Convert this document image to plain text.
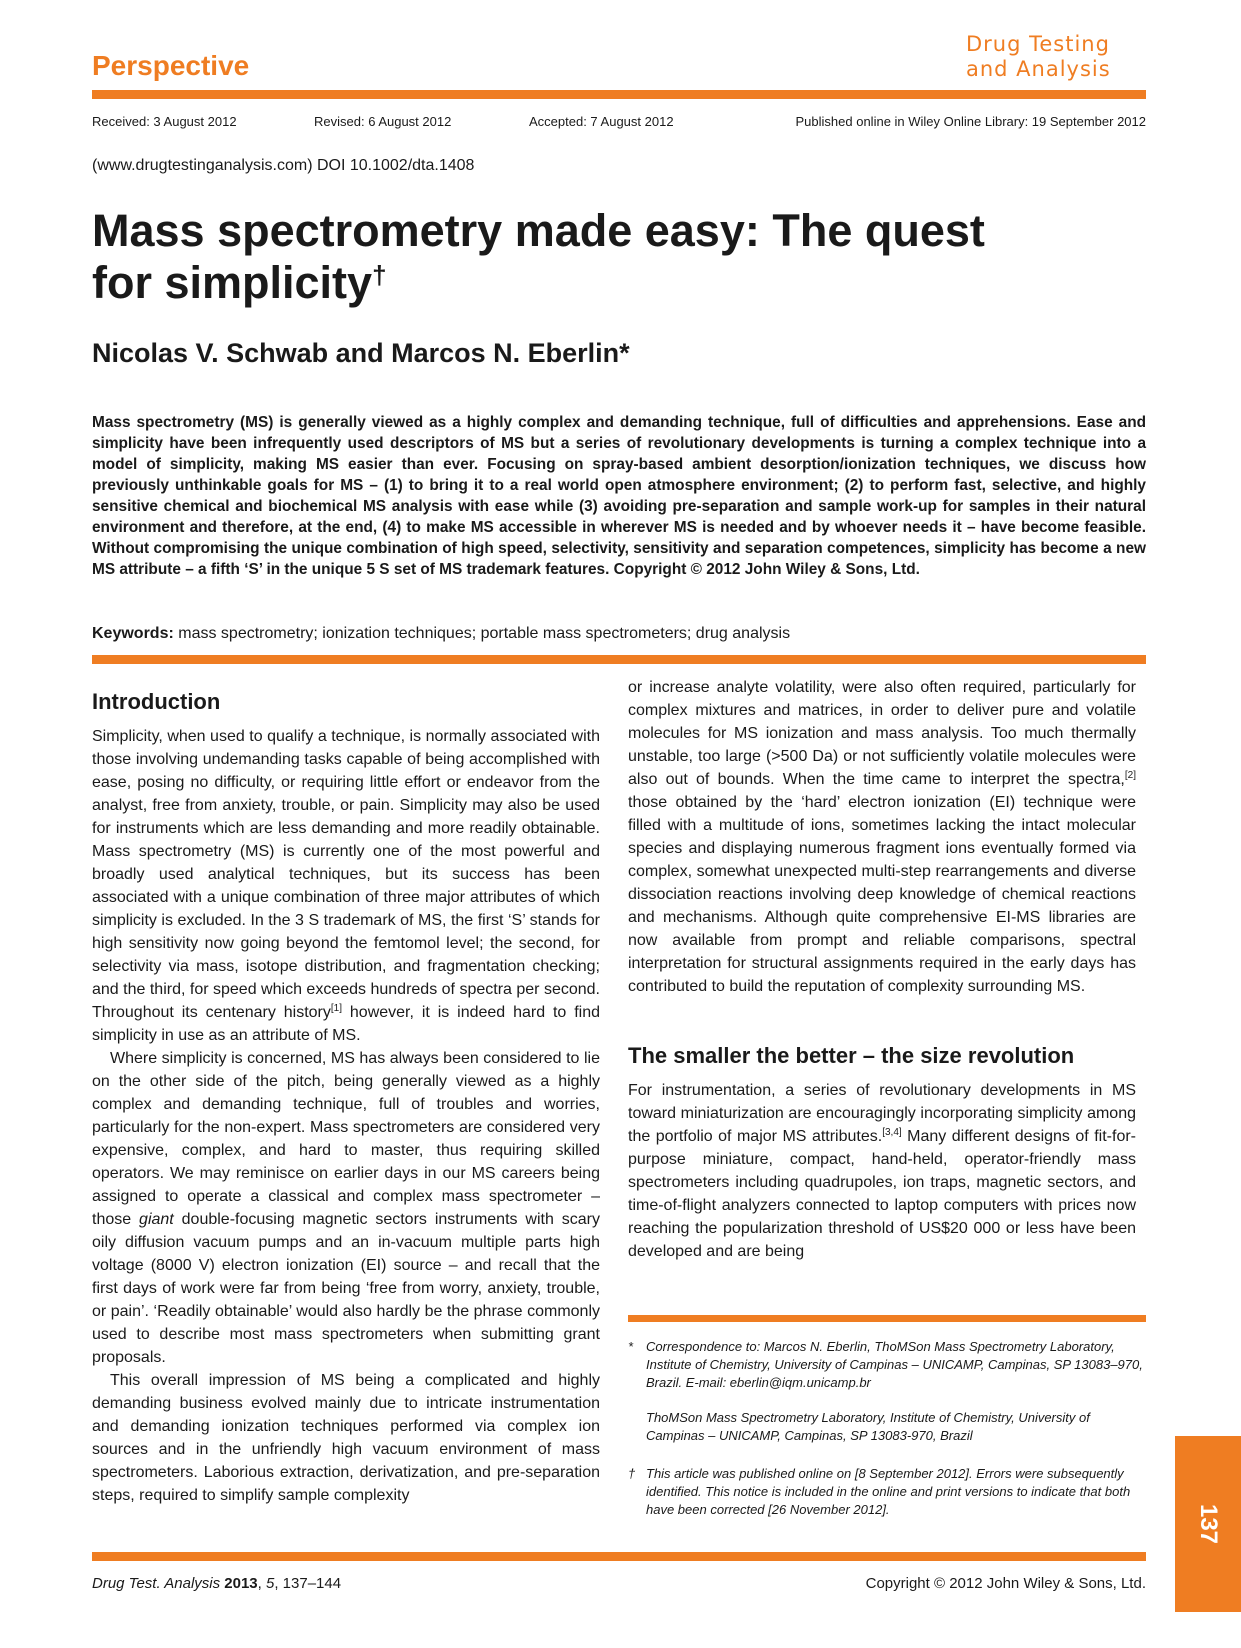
Perspective
Drug Testing
and Analysis
Received: 3 August 2012	Revised: 6 August 2012	Accepted: 7 August 2012	Published online in Wiley Online Library: 19 September 2012
(www.drugtestinganalysis.com) DOI 10.1002/dta.1408
Mass spectrometry made easy: The quest for simplicity†
Nicolas V. Schwab and Marcos N. Eberlin*
Mass spectrometry (MS) is generally viewed as a highly complex and demanding technique, full of difficulties and apprehensions. Ease and simplicity have been infrequently used descriptors of MS but a series of revolutionary developments is turning a complex technique into a model of simplicity, making MS easier than ever. Focusing on spray-based ambient desorption/ionization techniques, we discuss how previously unthinkable goals for MS – (1) to bring it to a real world open atmosphere environment; (2) to perform fast, selective, and highly sensitive chemical and biochemical MS analysis with ease while (3) avoiding pre-separation and sample work-up for samples in their natural environment and therefore, at the end, (4) to make MS accessible in wherever MS is needed and by whoever needs it – have become feasible. Without compromising the unique combination of high speed, selectivity, sensitivity and separation competences, simplicity has become a new MS attribute – a fifth ‘S’ in the unique 5 S set of MS trademark features. Copyright © 2012 John Wiley & Sons, Ltd.
Keywords: mass spectrometry; ionization techniques; portable mass spectrometers; drug analysis
Introduction

Simplicity, when used to qualify a technique, is normally associated with those involving undemanding tasks capable of being accomplished with ease, posing no difficulty, or requiring little effort or endeavor from the analyst, free from anxiety, trouble, or pain. Simplicity may also be used for instruments which are less demanding and more readily obtainable. Mass spectrometry (MS) is currently one of the most powerful and broadly used analytical techniques, but its success has been associated with a unique combination of three major attributes of which simplicity is excluded. In the 3 S trademark of MS, the first ‘S’ stands for high sensitivity now going beyond the femtomol level; the second, for selectivity via mass, isotope distribution, and fragmentation checking; and the third, for speed which exceeds hundreds of spectra per second. Throughout its centenary history[1] however, it is indeed hard to find simplicity in use as an attribute of MS.

Where simplicity is concerned, MS has always been considered to lie on the other side of the pitch, being generally viewed as a highly complex and demanding technique, full of troubles and worries, particularly for the non-expert. Mass spectrometers are considered very expensive, complex, and hard to master, thus requiring skilled operators. We may reminisce on earlier days in our MS careers being assigned to operate a classical and complex mass spectrometer – those giant double-focusing magnetic sectors instruments with scary oily diffusion vacuum pumps and an in-vacuum multiple parts high voltage (8000 V) electron ionization (EI) source – and recall that the first days of work were far from being ‘free from worry, anxiety, trouble, or pain’. ‘Readily obtainable’ would also hardly be the phrase commonly used to describe most mass spectrometers when submitting grant proposals.

This overall impression of MS being a complicated and highly demanding business evolved mainly due to intricate instrumentation and demanding ionization techniques performed via complex ion sources and in the unfriendly high vacuum environment of mass spectrometers. Laborious extraction, derivatization, and pre-separation steps, required to simplify sample complexity

or increase analyte volatility, were also often required, particularly for complex mixtures and matrices, in order to deliver pure and volatile molecules for MS ionization and mass analysis. Too much thermally unstable, too large (>500 Da) or not sufficiently volatile molecules were also out of bounds. When the time came to interpret the spectra,[2] those obtained by the ‘hard’ electron ionization (EI) technique were filled with a multitude of ions, sometimes lacking the intact molecular species and displaying numerous fragment ions eventually formed via complex, somewhat unexpected multi-step rearrangements and diverse dissociation reactions involving deep knowledge of chemical reactions and mechanisms. Although quite comprehensive EI-MS libraries are now available from prompt and reliable comparisons, spectral interpretation for structural assignments required in the early days has contributed to build the reputation of complexity surrounding MS.

The smaller the better – the size revolution

For instrumentation, a series of revolutionary developments in MS toward miniaturization are encouragingly incorporating simplicity among the portfolio of major MS attributes.[3,4] Many different designs of fit-for-purpose miniature, compact, hand-held, operator-friendly mass spectrometers including quadrupoles, ion traps, magnetic sectors, and time-of-flight analyzers connected to laptop computers with prices now reaching the popularization threshold of US$20 000 or less have been developed and are being

* Correspondence to: Marcos N. Eberlin, ThoMSon Mass Spectrometry Laboratory, Institute of Chemistry, University of Campinas – UNICAMP, Campinas, SP 13083–970, Brazil. E-mail: eberlin@iqm.unicamp.br
ThoMSon Mass Spectrometry Laboratory, Institute of Chemistry, University of Campinas – UNICAMP, Campinas, SP 13083-970, Brazil
† This article was published online on [8 September 2012]. Errors were subsequently identified. This notice is included in the online and print versions to indicate that both have been corrected [26 November 2012].
Drug Test. Analysis 2013, 5, 137–144	Copyright © 2012 John Wiley & Sons, Ltd.
137
